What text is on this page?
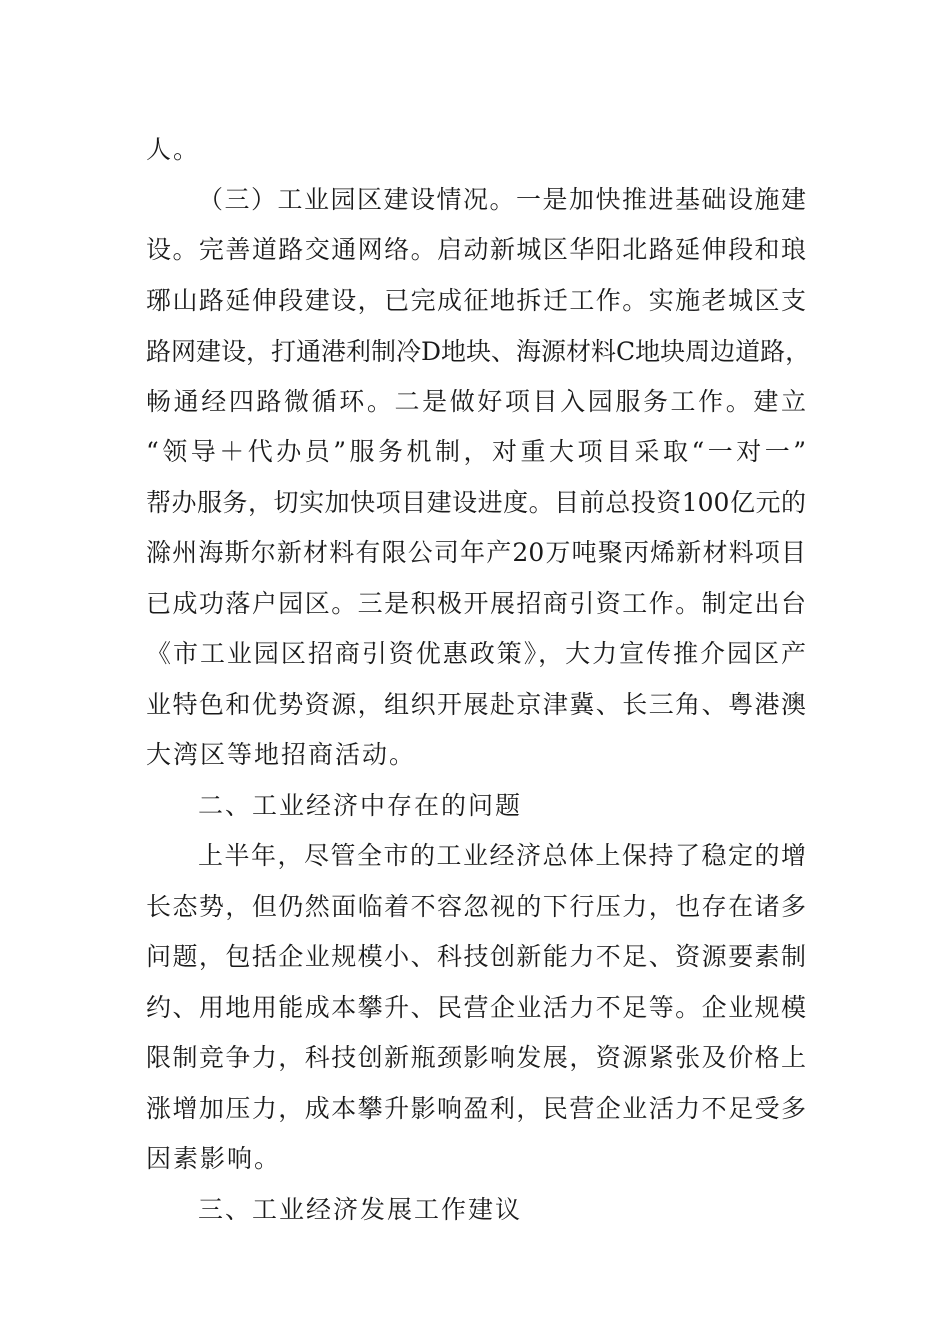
人。
（三）工业园区建设情况。一是加快推进基础设施建
设。完善道路交通网络。启动新城区华阳北路延伸段和琅
琊山路延伸段建设，已完成征地拆迁工作。实施老城区支
路网建设，打通港利制冷D地块、海源材料C地块周边道路，
畅通经四路微循环。二是做好项目入园服务工作。建立
“领导＋代办员”服务机制，对重大项目采取“一对一”
帮办服务，切实加快项目建设进度。目前总投资100亿元的
滁州海斯尔新材料有限公司年产20万吨聚丙烯新材料项目
已成功落户园区。三是积极开展招商引资工作。制定出台
《市工业园区招商引资优惠政策》，大力宣传推介园区产
业特色和优势资源，组织开展赴京津冀、长三角、粤港澳
大湾区等地招商活动。
二、工业经济中存在的问题
上半年，尽管全市的工业经济总体上保持了稳定的增
长态势，但仍然面临着不容忽视的下行压力，也存在诸多
问题，包括企业规模小、科技创新能力不足、资源要素制
约、用地用能成本攀升、民营企业活力不足等。企业规模
限制竞争力，科技创新瓶颈影响发展，资源紧张及价格上
涨增加压力，成本攀升影响盈利，民营企业活力不足受多
因素影响。
三、工业经济发展工作建议
